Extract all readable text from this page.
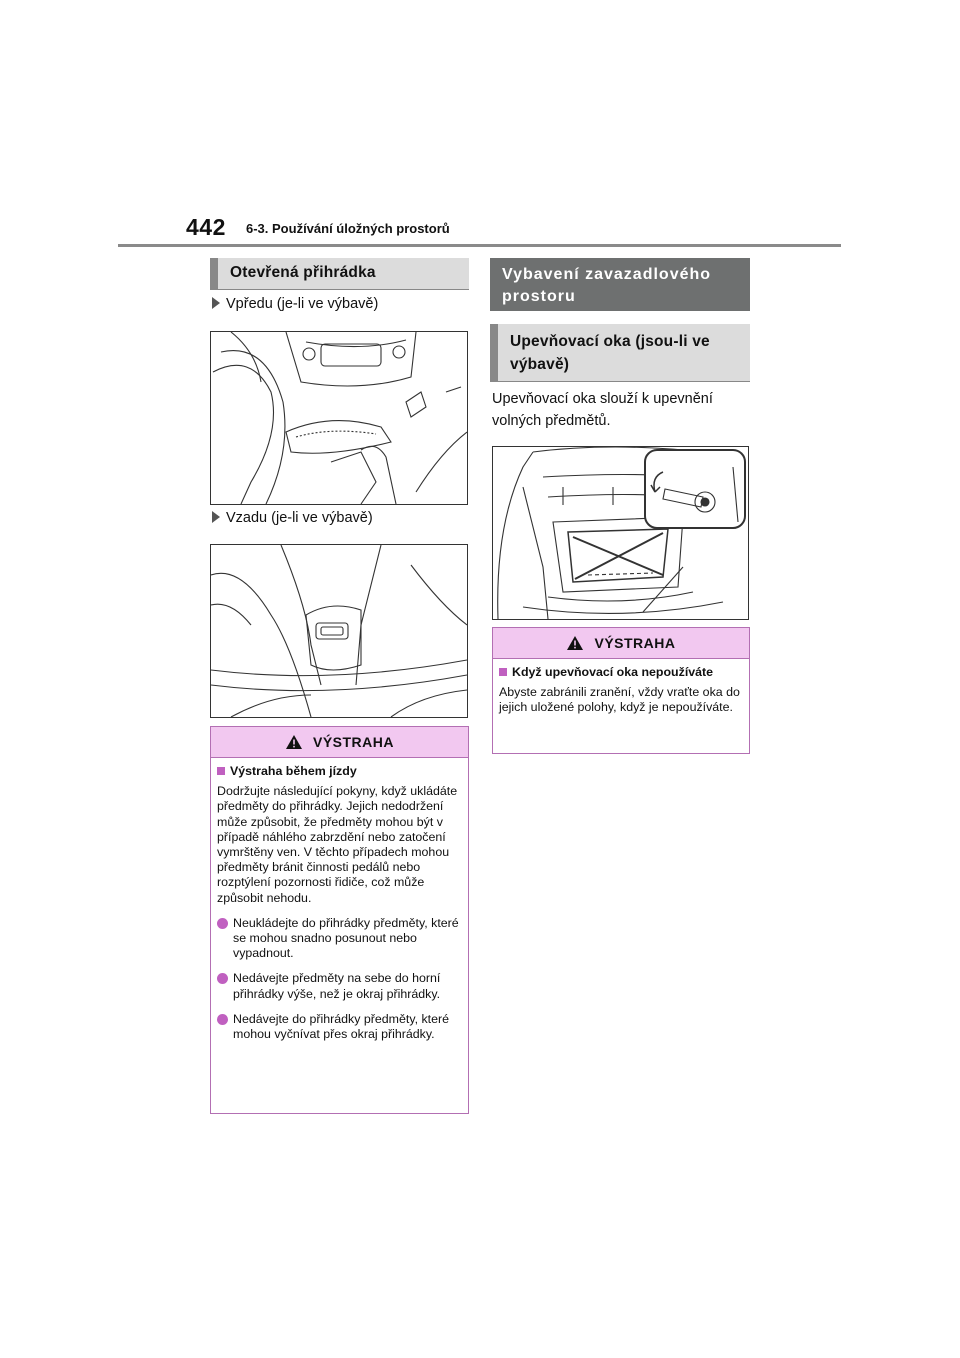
442 6-3. Používání úložných prostorů
Otevřená přihrádka
Vpředu (je-li ve výbavě)
Vzadu (je-li ve výbavě)
VÝSTRAHA
Výstraha během jízdy
Dodržujte následující pokyny, když ukládáte předměty do přihrádky. Jejich nedodržení může způsobit, že předměty mohou být v případě náhlého zabrzdění nebo zatočení vymrštěny ven. V těchto případech mohou předměty bránit činnosti pedálů nebo rozptýlení pozornosti řidiče, což může způsobit nehodu.
Neukládejte do přihrádky předměty, které se mohou snadno posunout nebo vypadnout.
Nedávejte předměty na sebe do horní přihrádky výše, než je okraj přihrádky.
Nedávejte do přihrádky předměty, které mohou vyčnívat přes okraj přihrádky.
Vybavení zavazadlového prostoru
Upevňovací oka (jsou-li ve výbavě)
Upevňovací oka slouží k upevnění volných předmětů.
VÝSTRAHA
Když upevňovací oka nepoužíváte
Abyste zabránili zranění, vždy vraťte oka do jejich uložené polohy, když je nepoužíváte.
